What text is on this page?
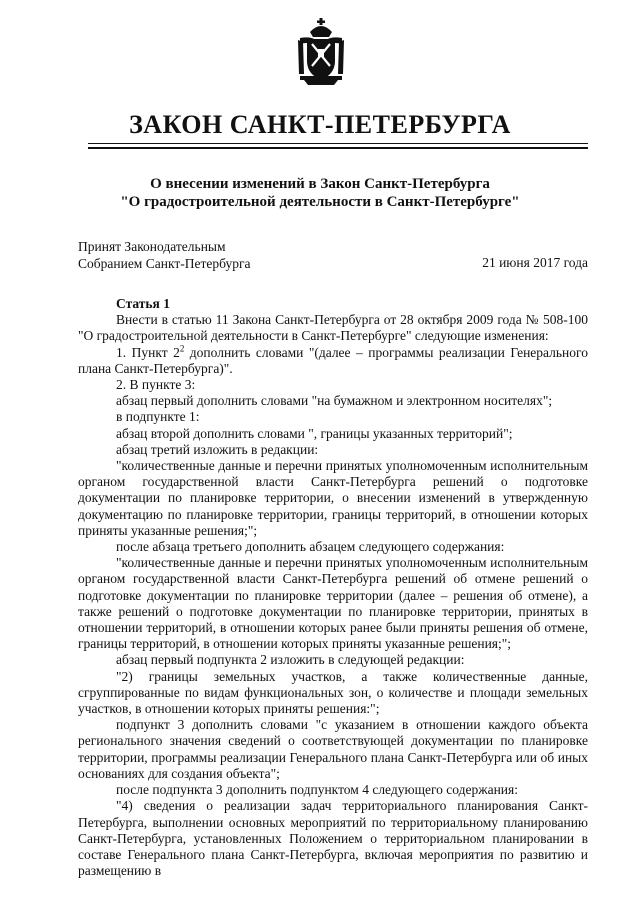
ЗАКОН САНКТ-ПЕТЕРБУРГА
О внесении изменений в Закон Санкт-Петербурга
"О градостроительной деятельности в Санкт-Петербурге"
Принят Законодательным
Собранием Санкт-Петербурга	21 июня 2017 года

Статья 1

Внести в статью 11 Закона Санкт-Петербурга от 28 октября 2009 года № 508-100 "О градостроительной деятельности в Санкт-Петербурге" следующие изменения:

1. Пункт $2^2$ дополнить словами "(далее – программы реализации Генерального плана Санкт-Петербурга)".

2. В пункте 3:

абзац первый дополнить словами "на бумажном и электронном носителях";

в подпункте 1:

абзац второй дополнить словами ", границы указанных территорий";

абзац третий изложить в редакции:

"количественные данные и перечни принятых уполномоченным исполнительным органом государственной власти Санкт-Петербурга решений о подготовке документации по планировке территории, о внесении изменений в утвержденную документацию по планировке территории, границы территорий, в отношении которых приняты указанные решения;";

после абзаца третьего дополнить абзацем следующего содержания:

"количественные данные и перечни принятых уполномоченным исполнительным органом государственной власти Санкт-Петербурга решений об отмене решений о подготовке документации по планировке территории (далее – решения об отмене), а также решений о подготовке документации по планировке территории, принятых в отношении территорий, в отношении которых ранее были приняты решения об отмене, границы территорий, в отношении которых приняты указанные решения;";

абзац первый подпункта 2 изложить в следующей редакции:

"2) границы земельных участков, а также количественные данные, сгруппированные по видам функциональных зон, о количестве и площади земельных участков, в отношении которых приняты решения:";

подпункт 3 дополнить словами "с указанием в отношении каждого объекта регионального значения сведений о соответствующей документации по планировке территории, программы реализации Генерального плана Санкт-Петербурга или об иных основаниях для создания объекта";

после подпункта 3 дополнить подпунктом 4 следующего содержания:

"4) сведения о реализации задач территориального планирования Санкт-Петербурга, выполнении основных мероприятий по территориальному планированию Санкт-Петербурга, установленных Положением о территориальном планировании в составе Генерального плана Санкт-Петербурга, включая мероприятия по развитию и размещению в
